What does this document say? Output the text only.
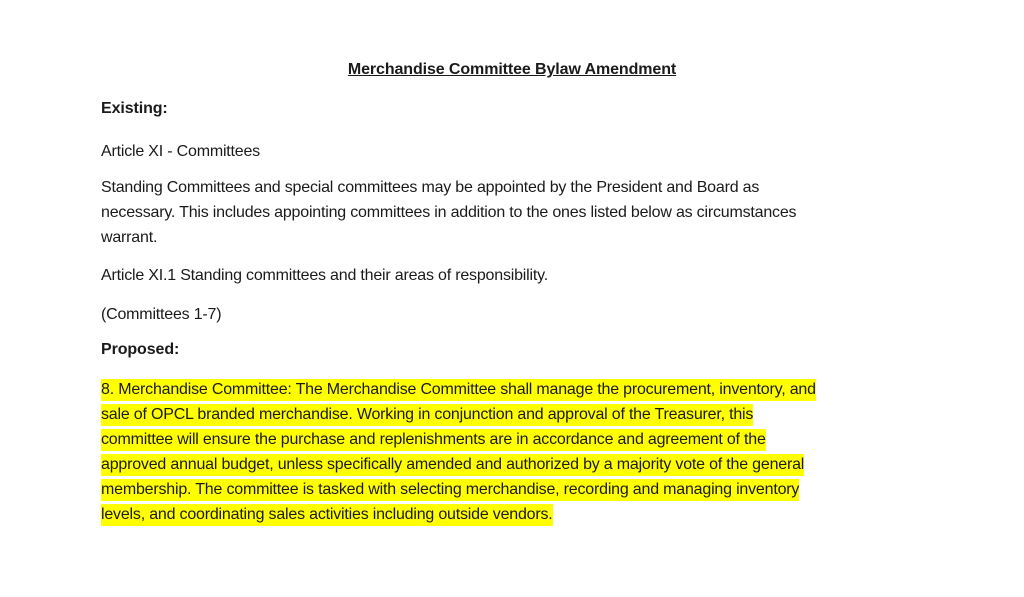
Merchandise Committee Bylaw Amendment
Existing:
Article XI - Committees
Standing Committees and special committees may be appointed by the President and Board as
necessary. This includes appointing committees in addition to the ones listed below as circumstances
warrant.
Article XI.1 Standing committees and their areas of responsibility.
(Committees 1-7)
Proposed:
8. Merchandise Committee: The Merchandise Committee shall manage the procurement, inventory, and
sale of OPCL branded merchandise. Working in conjunction and approval of the Treasurer, this
committee will ensure the purchase and replenishments are in accordance and agreement of the
approved annual budget, unless specifically amended and authorized by a majority vote of the general
membership. The committee is tasked with selecting merchandise, recording and managing inventory
levels, and coordinating sales activities including outside vendors.
